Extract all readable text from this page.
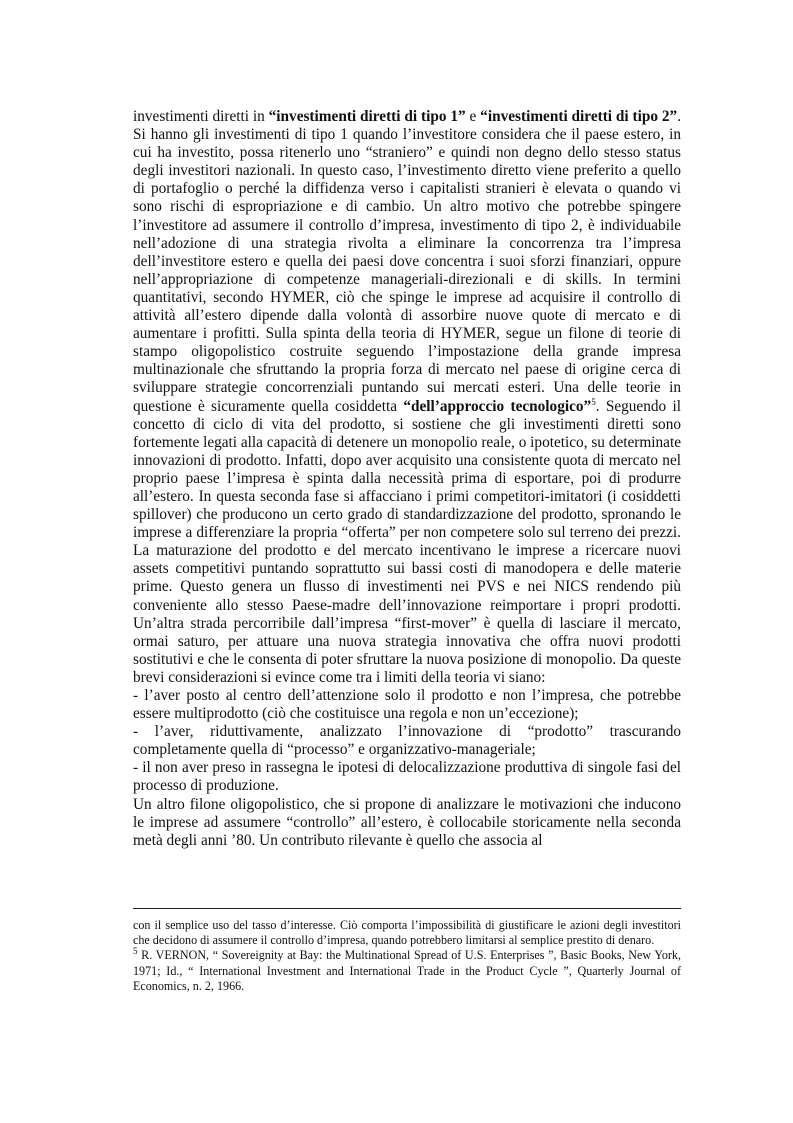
investimenti diretti in “investimenti diretti di tipo 1” e “investimenti diretti di tipo 2”. Si hanno gli investimenti di tipo 1 quando l’investitore considera che il paese estero, in cui ha investito, possa ritenerlo uno “straniero” e quindi non degno dello stesso status degli investitori nazionali. In questo caso, l’investimento diretto viene preferito a quello di portafoglio o perché la diffidenza verso i capitalisti stranieri è elevata o quando vi sono rischi di espropriazione e di cambio. Un altro motivo che potrebbe spingere l’investitore ad assumere il controllo d’impresa, investimento di tipo 2, è individuabile nell’adozione di una strategia rivolta a eliminare la concorrenza tra l’impresa dell’investitore estero e quella dei paesi dove concentra i suoi sforzi finanziari, oppure nell’appropriazione di competenze manageriali-direzionali e di skills. In termini quantitativi, secondo HYMER, ciò che spinge le imprese ad acquisire il controllo di attività all’estero dipende dalla volontà di assorbire nuove quote di mercato e di aumentare i profitti. Sulla spinta della teoria di HYMER, segue un filone di teorie di stampo oligopolistico costruite seguendo l’impostazione della grande impresa multinazionale che sfruttando la propria forza di mercato nel paese di origine cerca di sviluppare strategie concorrenziali puntando sui mercati esteri. Una delle teorie in questione è sicuramente quella cosiddetta “dell’approccio tecnologico”$^5$. Seguendo il concetto di ciclo di vita del prodotto, si sostiene che gli investimenti diretti sono fortemente legati alla capacità di detenere un monopolio reale, o ipotetico, su determinate innovazioni di prodotto. Infatti, dopo aver acquisito una consistente quota di mercato nel proprio paese l’impresa è spinta dalla necessità prima di esportare, poi di produrre all’estero. In questa seconda fase si affacciano i primi competitori-imitatori (i cosiddetti spillover) che producono un certo grado di standardizzazione del prodotto, spronando le imprese a differenziare la propria “offerta” per non competere solo sul terreno dei prezzi. La maturazione del prodotto e del mercato incentivano le imprese a ricercare nuovi assets competitivi puntando soprattutto sui bassi costi di manodopera e delle materie prime. Questo genera un flusso di investimenti nei PVS e nei NICS rendendo più conveniente allo stesso Paese-madre dell’innovazione reimportare i propri prodotti. Un’altra strada percorribile dall’impresa “first-mover” è quella di lasciare il mercato, ormai saturo, per attuare una nuova strategia innovativa che offra nuovi prodotti sostitutivi e che le consenta di poter sfruttare la nuova posizione di monopolio. Da queste brevi considerazioni si evince come tra i limiti della teoria vi siano:

- l’aver posto al centro dell’attenzione solo il prodotto e non l’impresa, che potrebbe essere multiprodotto (ciò che costituisce una regola e non un’eccezione);

- l’aver, riduttivamente, analizzato l’innovazione di “prodotto” trascurando completamente quella di “processo” e organizzativo-manageriale;

- il non aver preso in rassegna le ipotesi di delocalizzazione produttiva di singole fasi del processo di produzione.

Un altro filone oligopolistico, che si propone di analizzare le motivazioni che inducono le imprese ad assumere “controllo” all’estero, è collocabile storicamente nella seconda metà degli anni ’80. Un contributo rilevante è quello che associa al

con il semplice uso del tasso d’interesse. Ciò comporta l’impossibilità di giustificare le azioni degli investitori che decidono di assumere il controllo d’impresa, quando potrebbero limitarsi al semplice prestito di denaro.

$^5$ R. VERNON, “ Sovereignity at Bay: the Multinational Spread of U.S. Enterprises ”, Basic Books, New York, 1971; Id., “ International Investment and International Trade in the Product Cycle ”, Quarterly Journal of Economics, n. 2, 1966.
